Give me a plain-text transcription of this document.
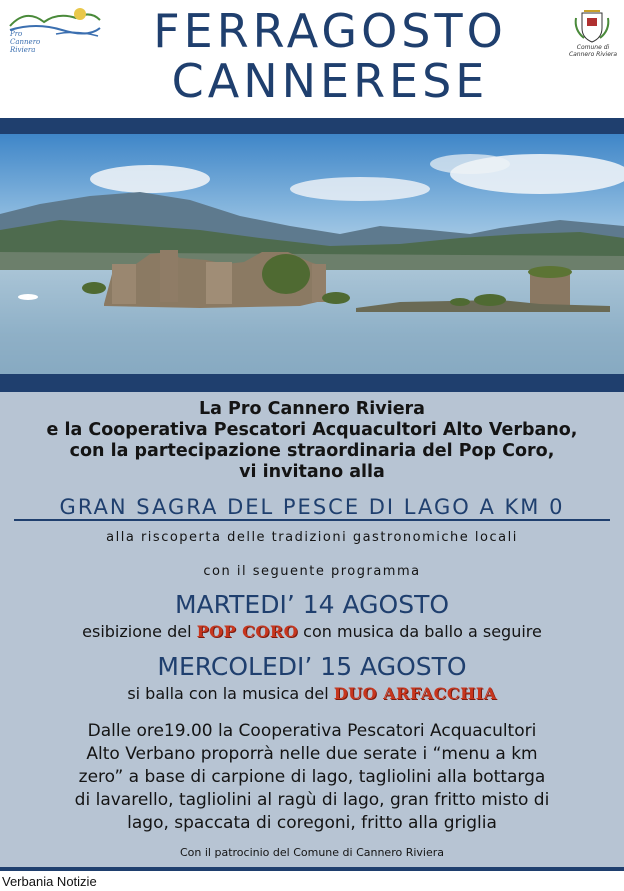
Pro Cannero Riviera	FERRAGOSTO
CANNERESE
Comune di Cannero Riviera
La Pro Cannero Riviera
e la Cooperativa Pescatori Acquacultori Alto Verbano,
con la partecipazione straordinaria del Pop Coro,
vi invitano alla
GRAN SAGRA DEL PESCE DI LAGO A KM 0
alla riscoperta delle tradizioni gastronomiche locali
con il seguente programma
MARTEDI’ 14 AGOSTO
esibizione del POP CORO con musica da ballo a seguire
MERCOLEDI’ 15 AGOSTO
si balla con la musica del DUO ARFACCHIA
Dalle ore19.00 la Cooperativa Pescatori Acquacultori
Alto Verbano proporrà nelle due serate i “menu a km
zero” a base di carpione di lago, tagliolini alla bottarga
di lavarello, tagliolini al ragù di lago, gran fritto misto di
lago, spaccata di coregoni, fritto alla griglia
Con il patrocinio del Comune di Cannero Riviera
Verbania Notizie
